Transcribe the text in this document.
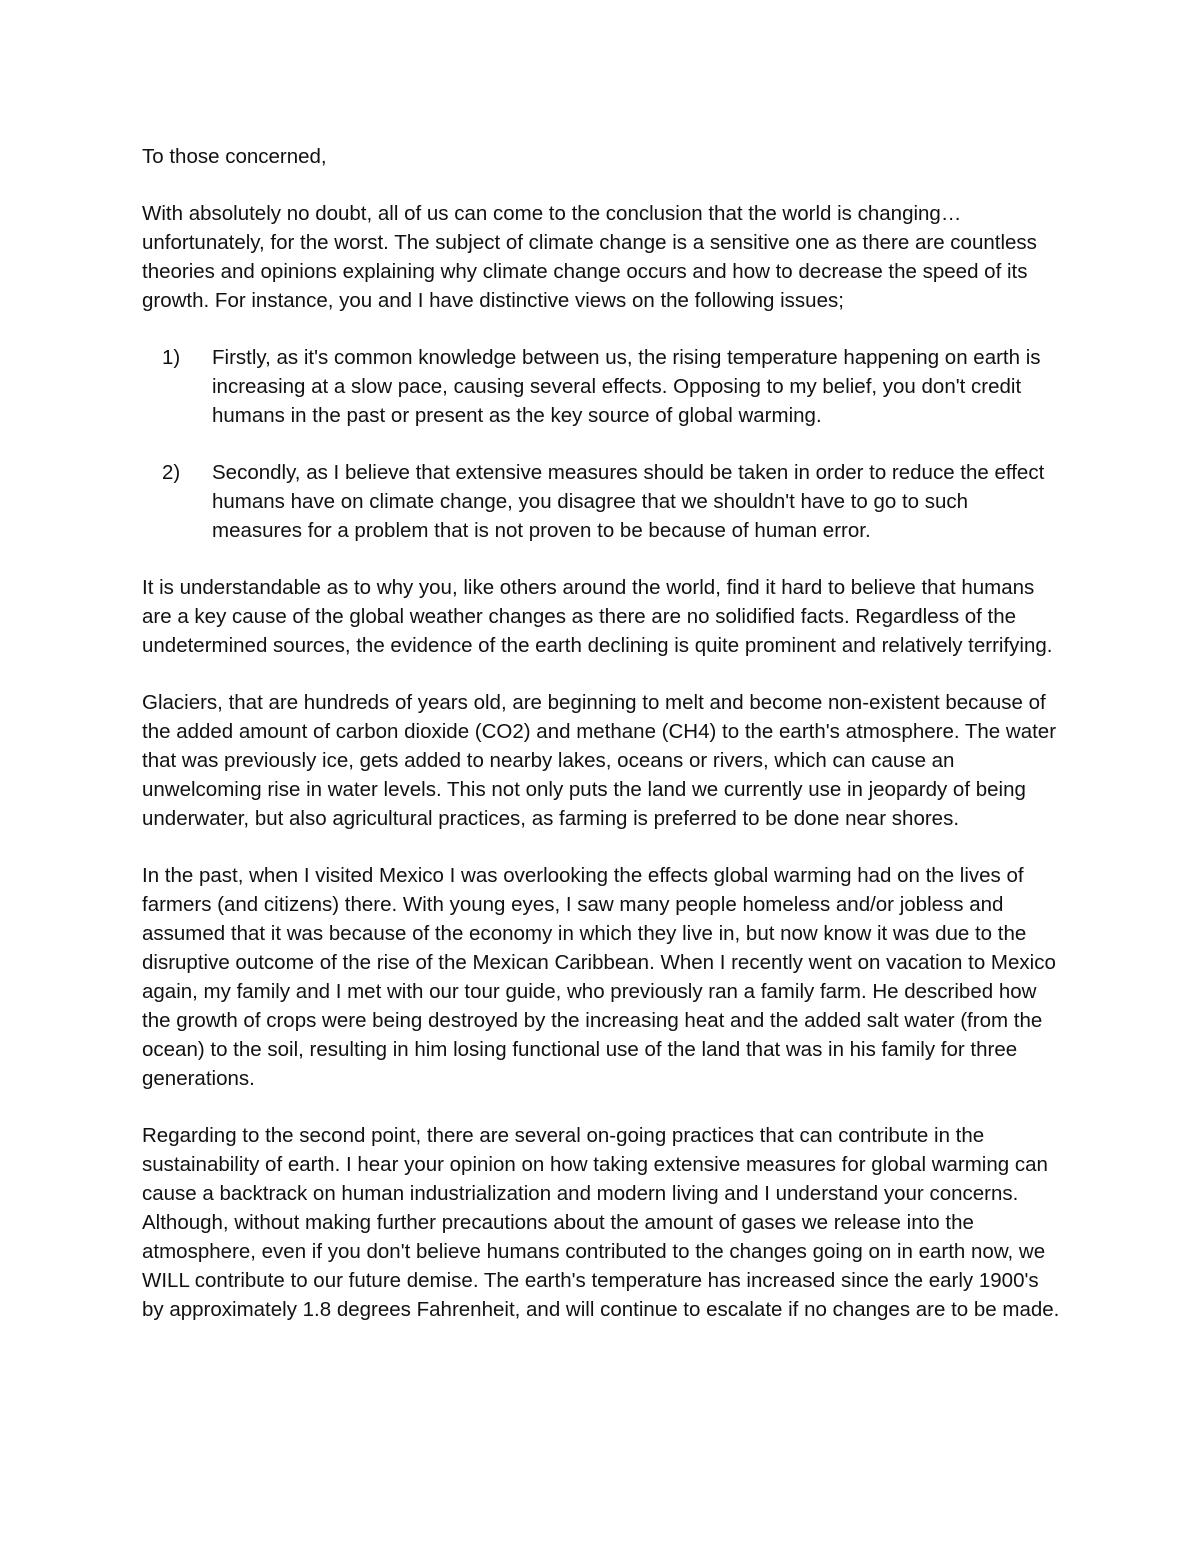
To those concerned,

With absolutely no doubt, all of us can come to the conclusion that the world is changing… unfortunately, for the worst. The subject of climate change is a sensitive one as there are countless theories and opinions explaining why climate change occurs and how to decrease the speed of its growth. For instance, you and I have distinctive views on the following issues;

1) Firstly, as it's common knowledge between us, the rising temperature happening on earth is increasing at a slow pace, causing several effects. Opposing to my belief, you don't credit humans in the past or present as the key source of global warming.
2) Secondly, as I believe that extensive measures should be taken in order to reduce the effect humans have on climate change, you disagree that we shouldn't have to go to such measures for a problem that is not proven to be because of human error.

It is understandable as to why you, like others around the world, find it hard to believe that humans are a key cause of the global weather changes as there are no solidified facts. Regardless of the undetermined sources, the evidence of the earth declining is quite prominent and relatively terrifying.

Glaciers, that are hundreds of years old, are beginning to melt and become non-existent because of the added amount of carbon dioxide (CO2) and methane (CH4) to the earth's atmosphere. The water that was previously ice, gets added to nearby lakes, oceans or rivers, which can cause an unwelcoming rise in water levels. This not only puts the land we currently use in jeopardy of being underwater, but also agricultural practices, as farming is preferred to be done near shores.

In the past, when I visited Mexico I was overlooking the effects global warming had on the lives of farmers (and citizens) there. With young eyes, I saw many people homeless and/or jobless and assumed that it was because of the economy in which they live in, but now know it was due to the disruptive outcome of the rise of the Mexican Caribbean. When I recently went on vacation to Mexico again, my family and I met with our tour guide, who previously ran a family farm. He described how the growth of crops were being destroyed by the increasing heat and the added salt water (from the ocean) to the soil, resulting in him losing functional use of the land that was in his family for three generations.

Regarding to the second point, there are several on-going practices that can contribute in the sustainability of earth. I hear your opinion on how taking extensive measures for global warming can cause a backtrack on human industrialization and modern living and I understand your concerns. Although, without making further precautions about the amount of gases we release into the atmosphere, even if you don't believe humans contributed to the changes going on in earth now, we WILL contribute to our future demise. The earth's temperature has increased since the early 1900's by approximately 1.8 degrees Fahrenheit, and will continue to escalate if no changes are to be made.
